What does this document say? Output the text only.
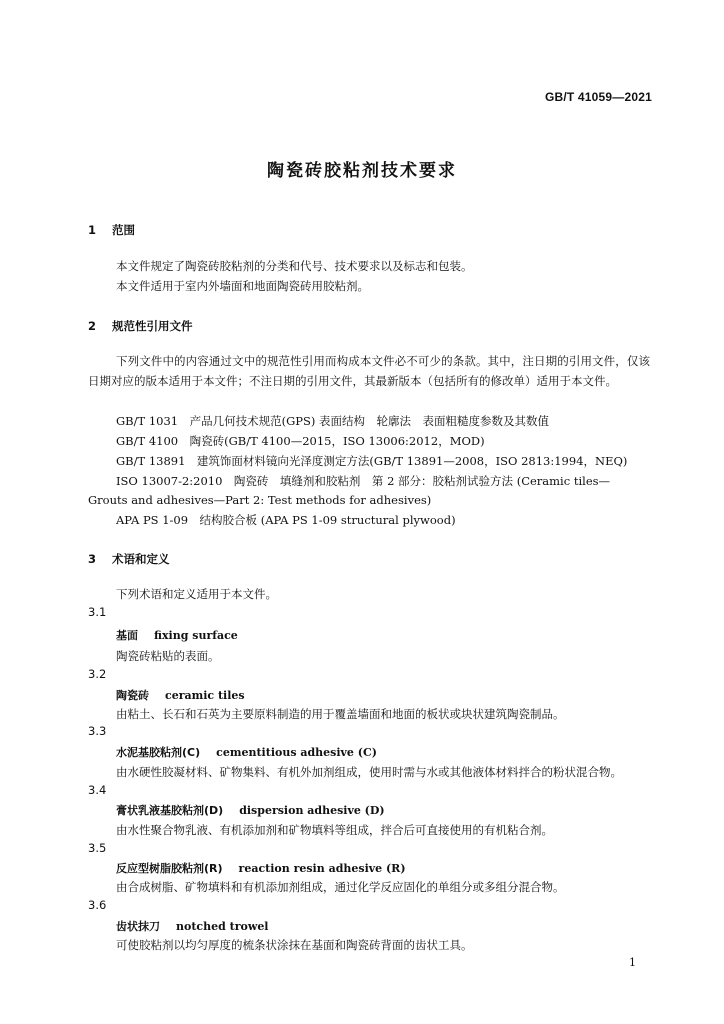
GB/T 41059—2021
陶瓷砖胶粘剂技术要求
1 范围
本文件规定了陶瓷砖胶粘剂的分类和代号、技术要求以及标志和包装。
本文件适用于室内外墙面和地面陶瓷砖用胶粘剂。
2 规范性引用文件
下列文件中的内容通过文中的规范性引用而构成本文件必不可少的条款。其中，注日期的引用文件，仅该日期对应的版本适用于本文件；不注日期的引用文件，其最新版本（包括所有的修改单）适用于本文件。
GB/T 1031　产品几何技术规范(GPS) 表面结构　轮廓法　表面粗糙度参数及其数值
GB/T 4100　陶瓷砖(GB/T 4100—2015，ISO 13006:2012，MOD)
GB/T 13891　建筑饰面材料镜向光泽度测定方法(GB/T 13891—2008，ISO 2813:1994，NEQ)
ISO 13007-2:2010　陶瓷砖　填缝剂和胶粘剂　第 2 部分：胶粘剂试验方法 (Ceramic tiles—
Grouts and adhesives—Part 2: Test methods for adhesives)
APA PS 1-09　结构胶合板 (APA PS 1-09 structural plywood)
3 术语和定义
下列术语和定义适用于本文件。
3.1
基面 fixing surface
陶瓷砖粘贴的表面。
3.2
陶瓷砖 ceramic tiles
由粘土、长石和石英为主要原料制造的用于覆盖墙面和地面的板状或块状建筑陶瓷制品。
3.3
水泥基胶粘剂(C) cementitious adhesive (C)
由水硬性胶凝材料、矿物集料、有机外加剂组成，使用时需与水或其他液体材料拌合的粉状混合物。
3.4
膏状乳液基胶粘剂(D) dispersion adhesive (D)
由水性聚合物乳液、有机添加剂和矿物填料等组成，拌合后可直接使用的有机粘合剂。
3.5
反应型树脂胶粘剂(R) reaction resin adhesive (R)
由合成树脂、矿物填料和有机添加剂组成，通过化学反应固化的单组分或多组分混合物。
3.6
齿状抹刀 notched trowel
可使胶粘剂以均匀厚度的梳条状涂抹在基面和陶瓷砖背面的齿状工具。
1
